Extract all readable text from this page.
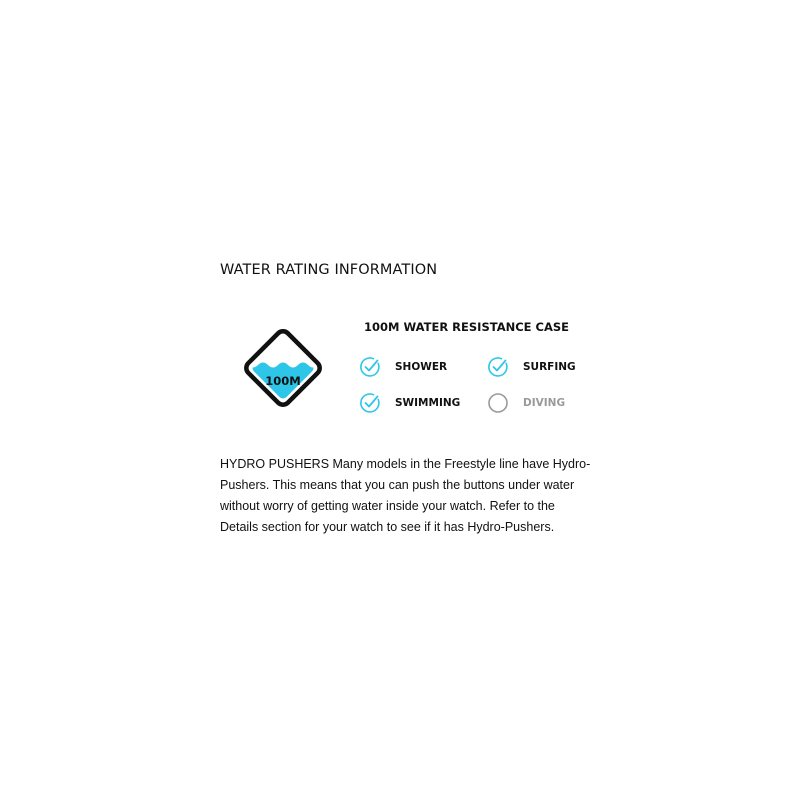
WATER RATING INFORMATION
100M
100M WATER RESISTANCE CASE
SHOWER	SURFING
SWIMMING	DIVING

HYDRO PUSHERS Many models in the Freestyle line have Hydro-Pushers. This means that you can push the buttons under water without worry of getting water inside your watch. Refer to the Details section for your watch to see if it has Hydro-Pushers.
